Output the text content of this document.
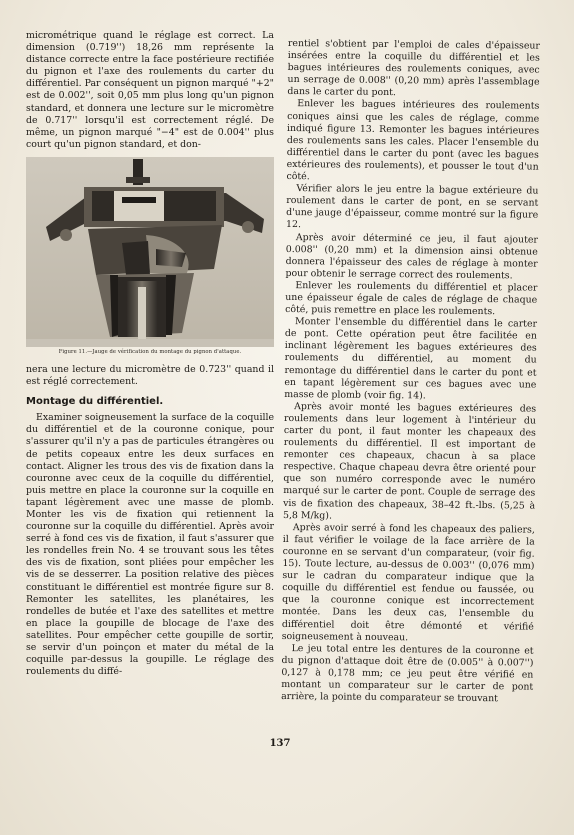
micrométrique quand le réglage est correct. La dimension (0.719'') 18,26 mm représente la distance correcte entre la face postérieure rectifiée du pignon et l'axe des roulements du carter du différentiel. Par conséquent un pignon marqué "+2" est de 0.002'', soit 0,05 mm plus long qu'un pignon standard, et donnera une lecture sur le micromètre de 0.717'' lorsqu'il est correctement réglé. De même, un pignon marqué "−4" est de 0.004'' plus court qu'un pignon standard, et don-

Figure 11.—Jauge de vérification du montage du pignon d'attaque.

nera une lecture du micromètre de 0.723'' quand il est réglé correctement.

Montage du différentiel.

Examiner soigneusement la surface de la coquille du différentiel et de la couronne conique, pour s'assurer qu'il n'y a pas de particules étrangères ou de petits copeaux entre les deux surfaces en contact. Aligner les trous des vis de fixation dans la couronne avec ceux de la coquille du différentiel, puis mettre en place la couronne sur la coquille en tapant légèrement avec une masse de plomb. Monter les vis de fixation qui retiennent la couronne sur la coquille du différentiel. Après avoir serré à fond ces vis de fixation, il faut s'assurer que les rondelles frein No. 4 se trouvant sous les têtes des vis de fixation, sont pliées pour empêcher les vis de se desserrer. La position relative des pièces constituant le différentiel est montrée figure sur 8. Remonter les satellites, les planétaires, les rondelles de butée et l'axe des satellites et mettre en place la goupille de blocage de l'axe des satellites. Pour empêcher cette goupille de sortir, se servir d'un poinçon et mater du métal de la coquille par-dessus la goupille. Le réglage des roulements du diffé-

rentiel s'obtient par l'emploi de cales d'épaisseur insérées entre la coquille du différentiel et les bagues intérieures des roulements coniques, avec un serrage de 0.008'' (0,20 mm) après l'assemblage dans le carter du pont.

Enlever les bagues intérieures des roulements coniques ainsi que les cales de réglage, comme indiqué figure 13. Remonter les bagues intérieures des roulements sans les cales. Placer l'ensemble du différentiel dans le carter du pont (avec les bagues extérieures des roulements), et pousser le tout d'un côté.

Vérifier alors le jeu entre la bague extérieure du roulement dans le carter de pont, en se servant d'une jauge d'épaisseur, comme montré sur la figure 12.

Après avoir déterminé ce jeu, il faut ajouter 0.008'' (0,20 mm) et la dimension ainsi obtenue donnera l'épaisseur des cales de réglage à monter pour obtenir le serrage correct des roulements.

Enlever les roulements du différentiel et placer une épaisseur égale de cales de réglage de chaque côté, puis remettre en place les roulements.

Monter l'ensemble du différentiel dans le carter de pont. Cette opération peut être facilitée en inclinant légèrement les bagues extérieures des roulements du différentiel, au moment du remontage du différentiel dans le carter du pont et en tapant légèrement sur ces bagues avec une masse de plomb (voir fig. 14).

Après avoir monté les bagues extérieures des roulements dans leur logement à l'intérieur du carter du pont, il faut monter les chapeaux des roulements du différentiel. Il est important de remonter ces chapeaux, chacun à sa place respective. Chaque chapeau devra être orienté pour que son numéro corresponde avec le numéro marqué sur le carter de pont. Couple de serrage des vis de fixation des chapeaux, 38–42 ft.-lbs. (5,25 à 5,8 M/kg).

Après avoir serré à fond les chapeaux des paliers, il faut vérifier le voilage de la face arrière de la couronne en se servant d'un comparateur, (voir fig. 15). Toute lecture, au-dessus de 0.003'' (0,076 mm) sur le cadran du comparateur indique que la coquille du différentiel est fendue ou faussée, ou que la couronne conique est incorrectement montée. Dans les deux cas, l'ensemble du différentiel doit être démonté et vérifié soigneusement à nouveau.

Le jeu total entre les dentures de la couronne et du pignon d'attaque doit être de (0.005'' à 0.007'') 0,127 à 0,178 mm; ce jeu peut être vérifié en montant un comparateur sur le carter de pont arrière, la pointe du comparateur se trouvant

137
